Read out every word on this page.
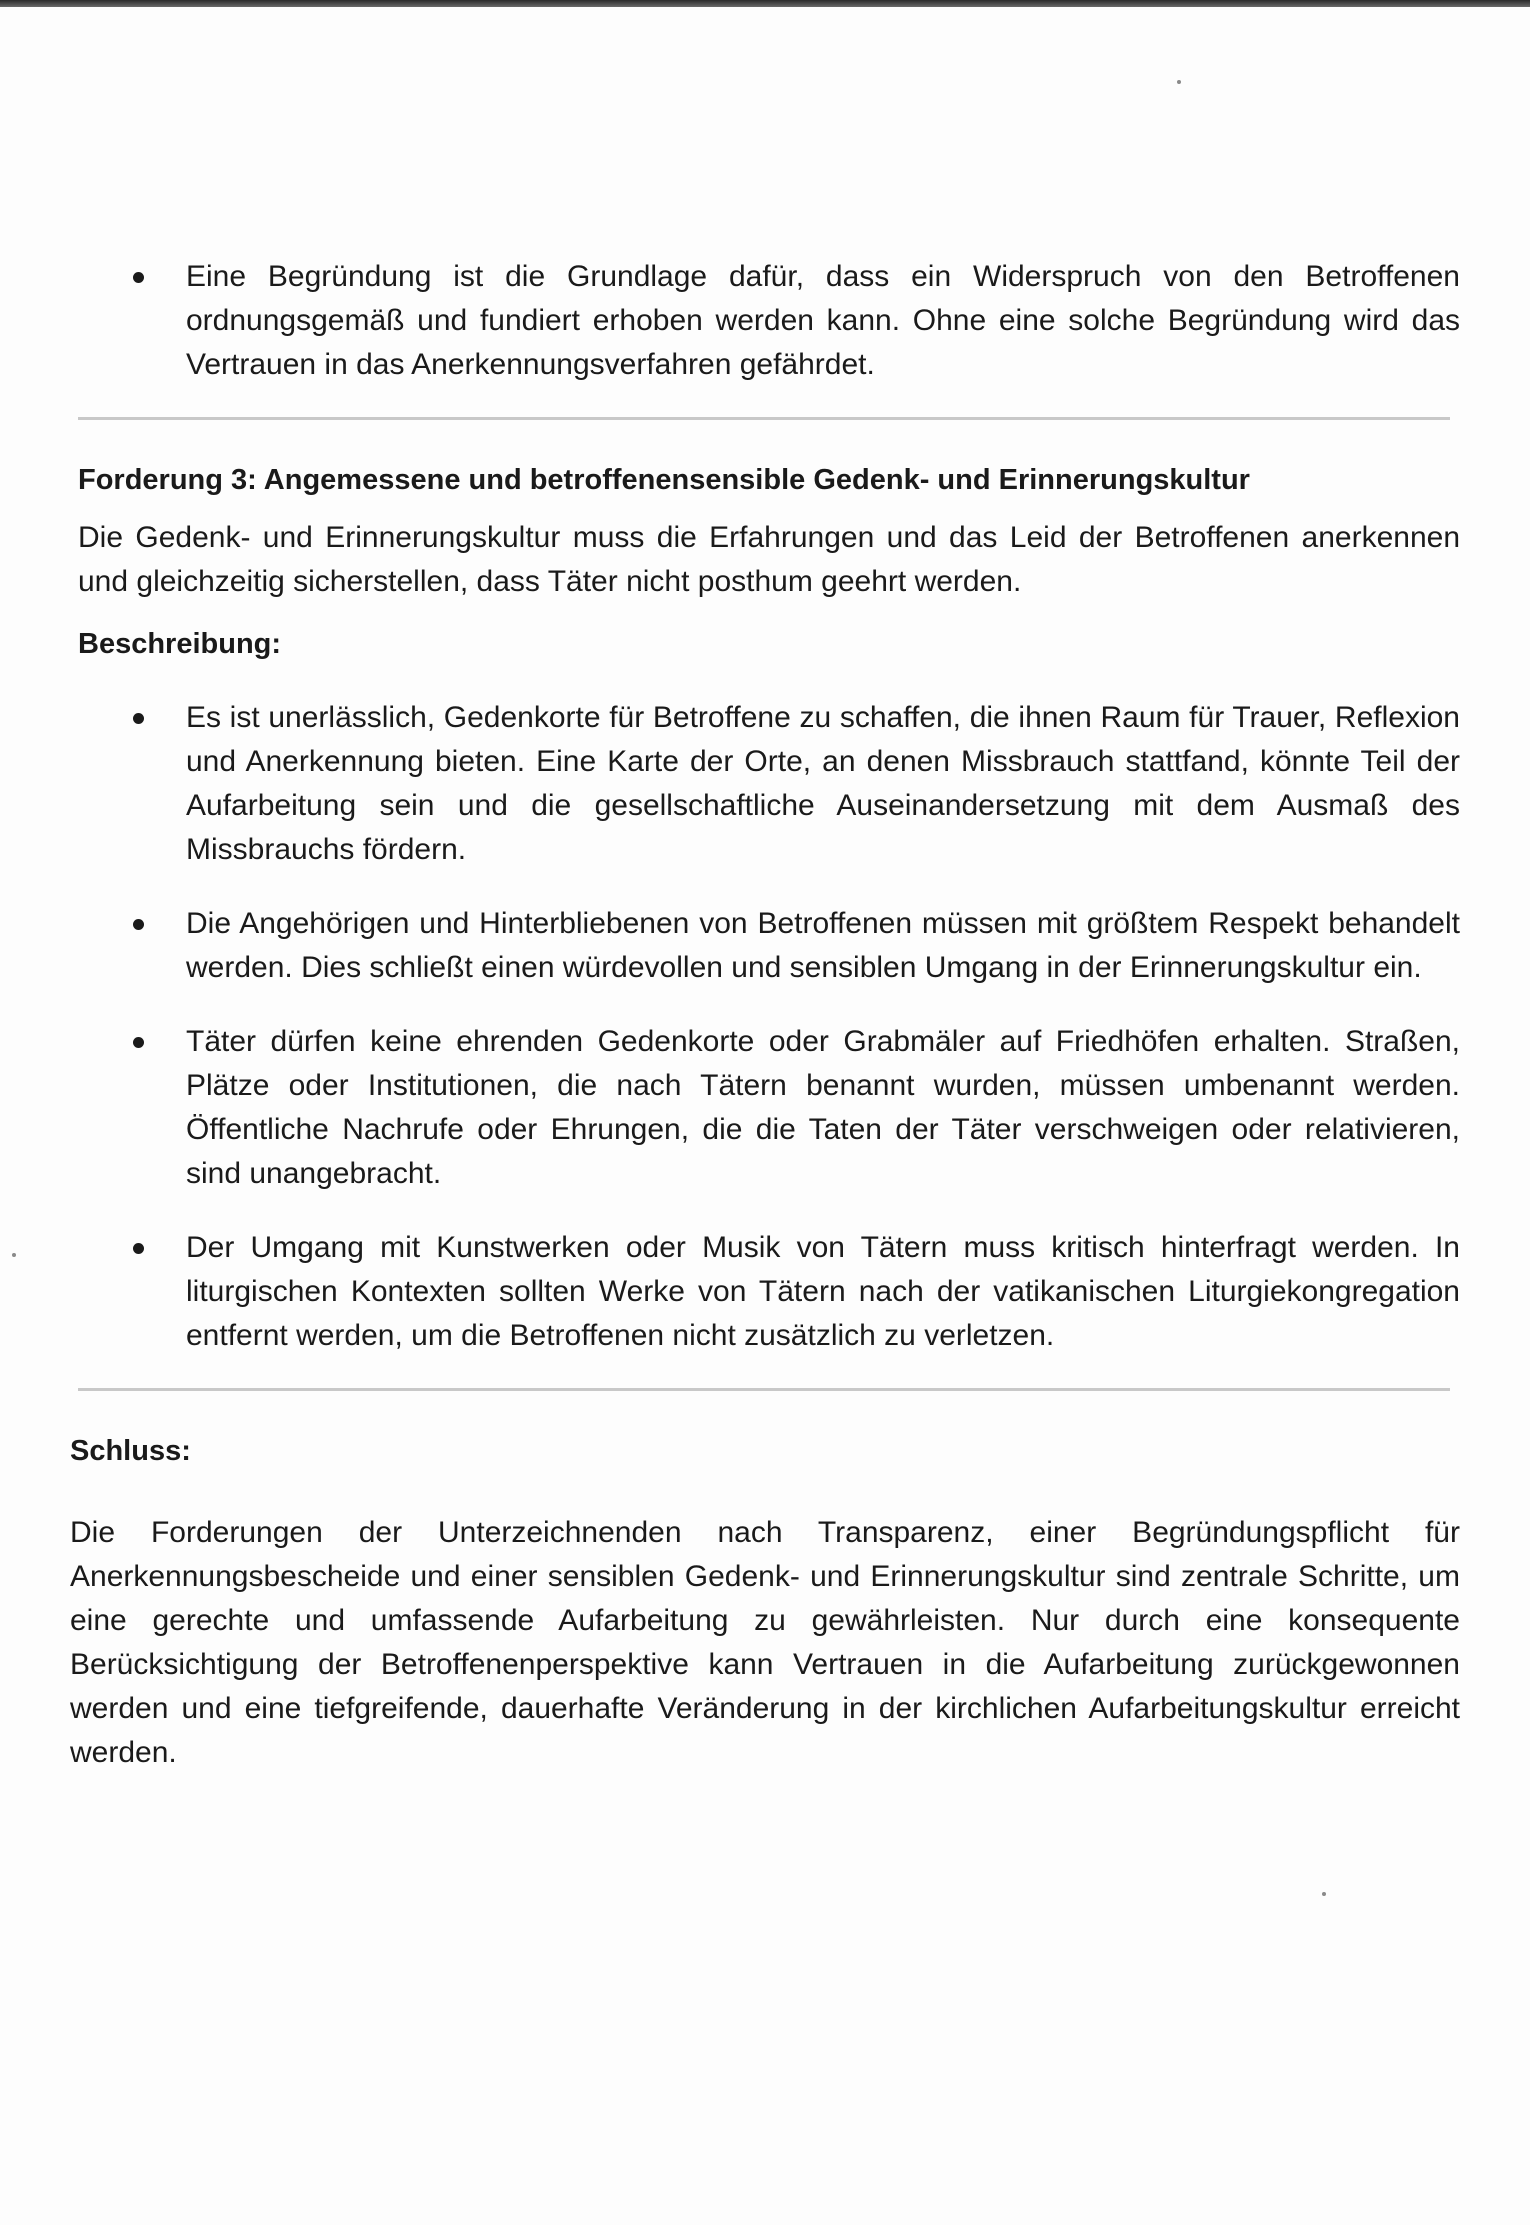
Eine Begründung ist die Grundlage dafür, dass ein Widerspruch von den Betroffenen ordnungsgemäß und fundiert erhoben werden kann. Ohne eine solche Begründung wird das Vertrauen in das Anerkennungsverfahren gefährdet.
Forderung 3: Angemessene und betroffenensensible Gedenk- und Erinnerungskultur

Die Gedenk- und Erinnerungskultur muss die Erfahrungen und das Leid der Betroffenen anerkennen und gleichzeitig sicherstellen, dass Täter nicht posthum geehrt werden.

Beschreibung:
Es ist unerlässlich, Gedenkorte für Betroffene zu schaffen, die ihnen Raum für Trauer, Reflexion und Anerkennung bieten. Eine Karte der Orte, an denen Missbrauch stattfand, könnte Teil der Aufarbeitung sein und die gesellschaftliche Auseinandersetzung mit dem Ausmaß des Missbrauchs fördern.
Die Angehörigen und Hinterbliebenen von Betroffenen müssen mit größtem Respekt behandelt werden. Dies schließt einen würdevollen und sensiblen Umgang in der Erinnerungskultur ein.
Täter dürfen keine ehrenden Gedenkorte oder Grabmäler auf Friedhöfen erhalten. Straßen, Plätze oder Institutionen, die nach Tätern benannt wurden, müssen umbenannt werden. Öffentliche Nachrufe oder Ehrungen, die die Taten der Täter verschweigen oder relativieren, sind unangebracht.
Der Umgang mit Kunstwerken oder Musik von Tätern muss kritisch hinterfragt werden. In liturgischen Kontexten sollten Werke von Tätern nach der vatikanischen Liturgiekongregation entfernt werden, um die Betroffenen nicht zusätzlich zu verletzen.
Schluss:

Die Forderungen der Unterzeichnenden nach Transparenz, einer Begründungspflicht für Anerkennungsbescheide und einer sensiblen Gedenk- und Erinnerungskultur sind zentrale Schritte, um eine gerechte und umfassende Aufarbeitung zu gewährleisten. Nur durch eine konsequente Berücksichtigung der Betroffenenperspektive kann Vertrauen in die Aufarbeitung zurückgewonnen werden und eine tiefgreifende, dauerhafte Veränderung in der kirchlichen Aufarbeitungskultur erreicht werden.
